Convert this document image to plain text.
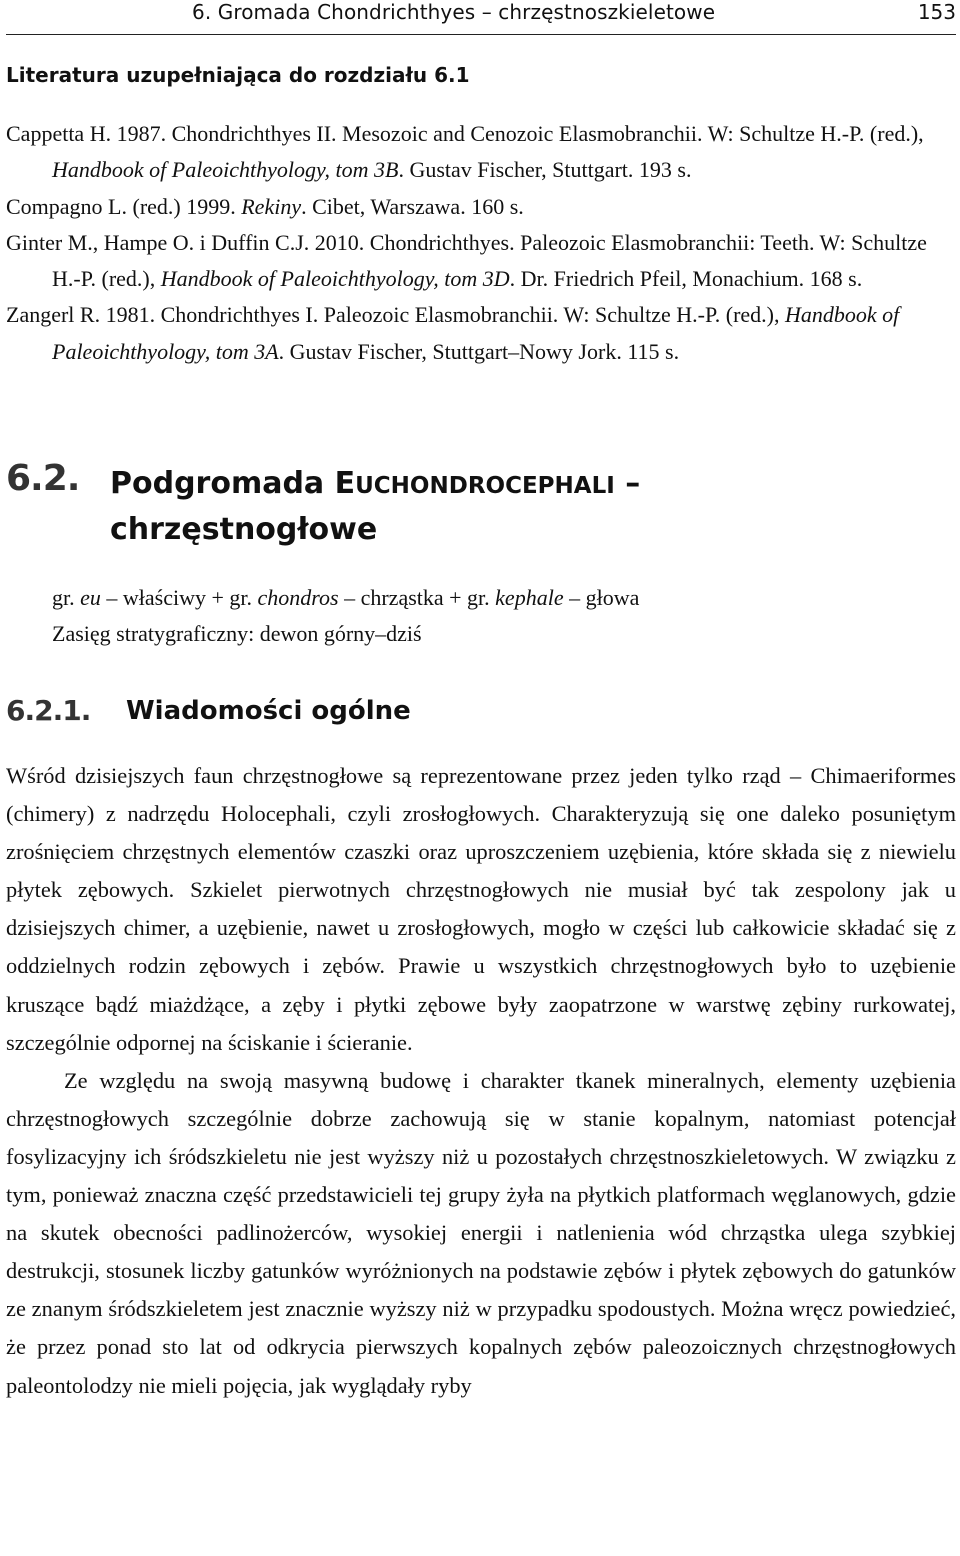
6. Gromada Chondrichthyes – chrzęstnoszkieletowe	153
Literatura uzupełniająca do rozdziału 6.1
Cappetta H. 1987. Chondrichthyes II. Mesozoic and Cenozoic Elasmobranchii. W: Schultze H.-P. (red.), Handbook of Paleoichthyology, tom 3B. Gustav Fischer, Stuttgart. 193 s.
Compagno L. (red.) 1999. Rekiny. Cibet, Warszawa. 160 s.
Ginter M., Hampe O. i Duffin C.J. 2010. Chondrichthyes. Paleozoic Elasmobranchii: Teeth. W: Schultze H.-P. (red.), Handbook of Paleoichthyology, tom 3D. Dr. Friedrich Pfeil, Monachium. 168 s.
Zangerl R. 1981. Chondrichthyes I. Paleozoic Elasmobranchii. W: Schultze H.-P. (red.), Handbook of Paleoichthyology, tom 3A. Gustav Fischer, Stuttgart–Nowy Jork. 115 s.
6.2. Podgromada EUCHONDROCEPHALI – chrzęstnogłowe
gr. eu – właściwy + gr. chondros – chrząstka + gr. kephale – głowa
Zasięg stratygraficzny: dewon górny–dziś
6.2.1. Wiadomości ogólne

Wśród dzisiejszych faun chrzęstnogłowe są reprezentowane przez jeden tylko rząd – Chimaeriformes (chimery) z nadrzędu Holocephali, czyli zrosłogłowych. Charakteryzują się one daleko posuniętym zrośnięciem chrzęstnych elementów czaszki oraz uproszczeniem uzębienia, które składa się z niewielu płytek zębowych. Szkielet pierwotnych chrzęstnogłowych nie musiał być tak zespolony jak u dzisiejszych chimer, a uzębienie, nawet u zrosłogłowych, mogło w części lub całkowicie składać się z oddzielnych rodzin zębowych i zębów. Prawie u wszystkich chrzęstnogłowych było to uzębienie kruszące bądź miażdżące, a zęby i płytki zębowe były zaopatrzone w warstwę zębiny rurkowatej, szczególnie odpornej na ściskanie i ścieranie.

Ze względu na swoją masywną budowę i charakter tkanek mineralnych, elementy uzębienia chrzęstnogłowych szczególnie dobrze zachowują się w stanie kopalnym, natomiast potencjał fosylizacyjny ich śródszkieletu nie jest wyższy niż u pozostałych chrzęstnoszkieletowych. W związku z tym, ponieważ znaczna część przedstawicieli tej grupy żyła na płytkich platformach węglanowych, gdzie na skutek obecności padlinożerców, wysokiej energii i natlenienia wód chrząstka ulega szybkiej destrukcji, stosunek liczby gatunków wyróżnionych na podstawie zębów i płytek zębowych do gatunków ze znanym śródszkieletem jest znacznie wyższy niż w przypadku spodoustych. Można wręcz powiedzieć, że przez ponad sto lat od odkrycia pierwszych kopalnych zębów paleozoicznych chrzęstnogłowych paleontolodzy nie mieli pojęcia, jak wyglądały ryby
